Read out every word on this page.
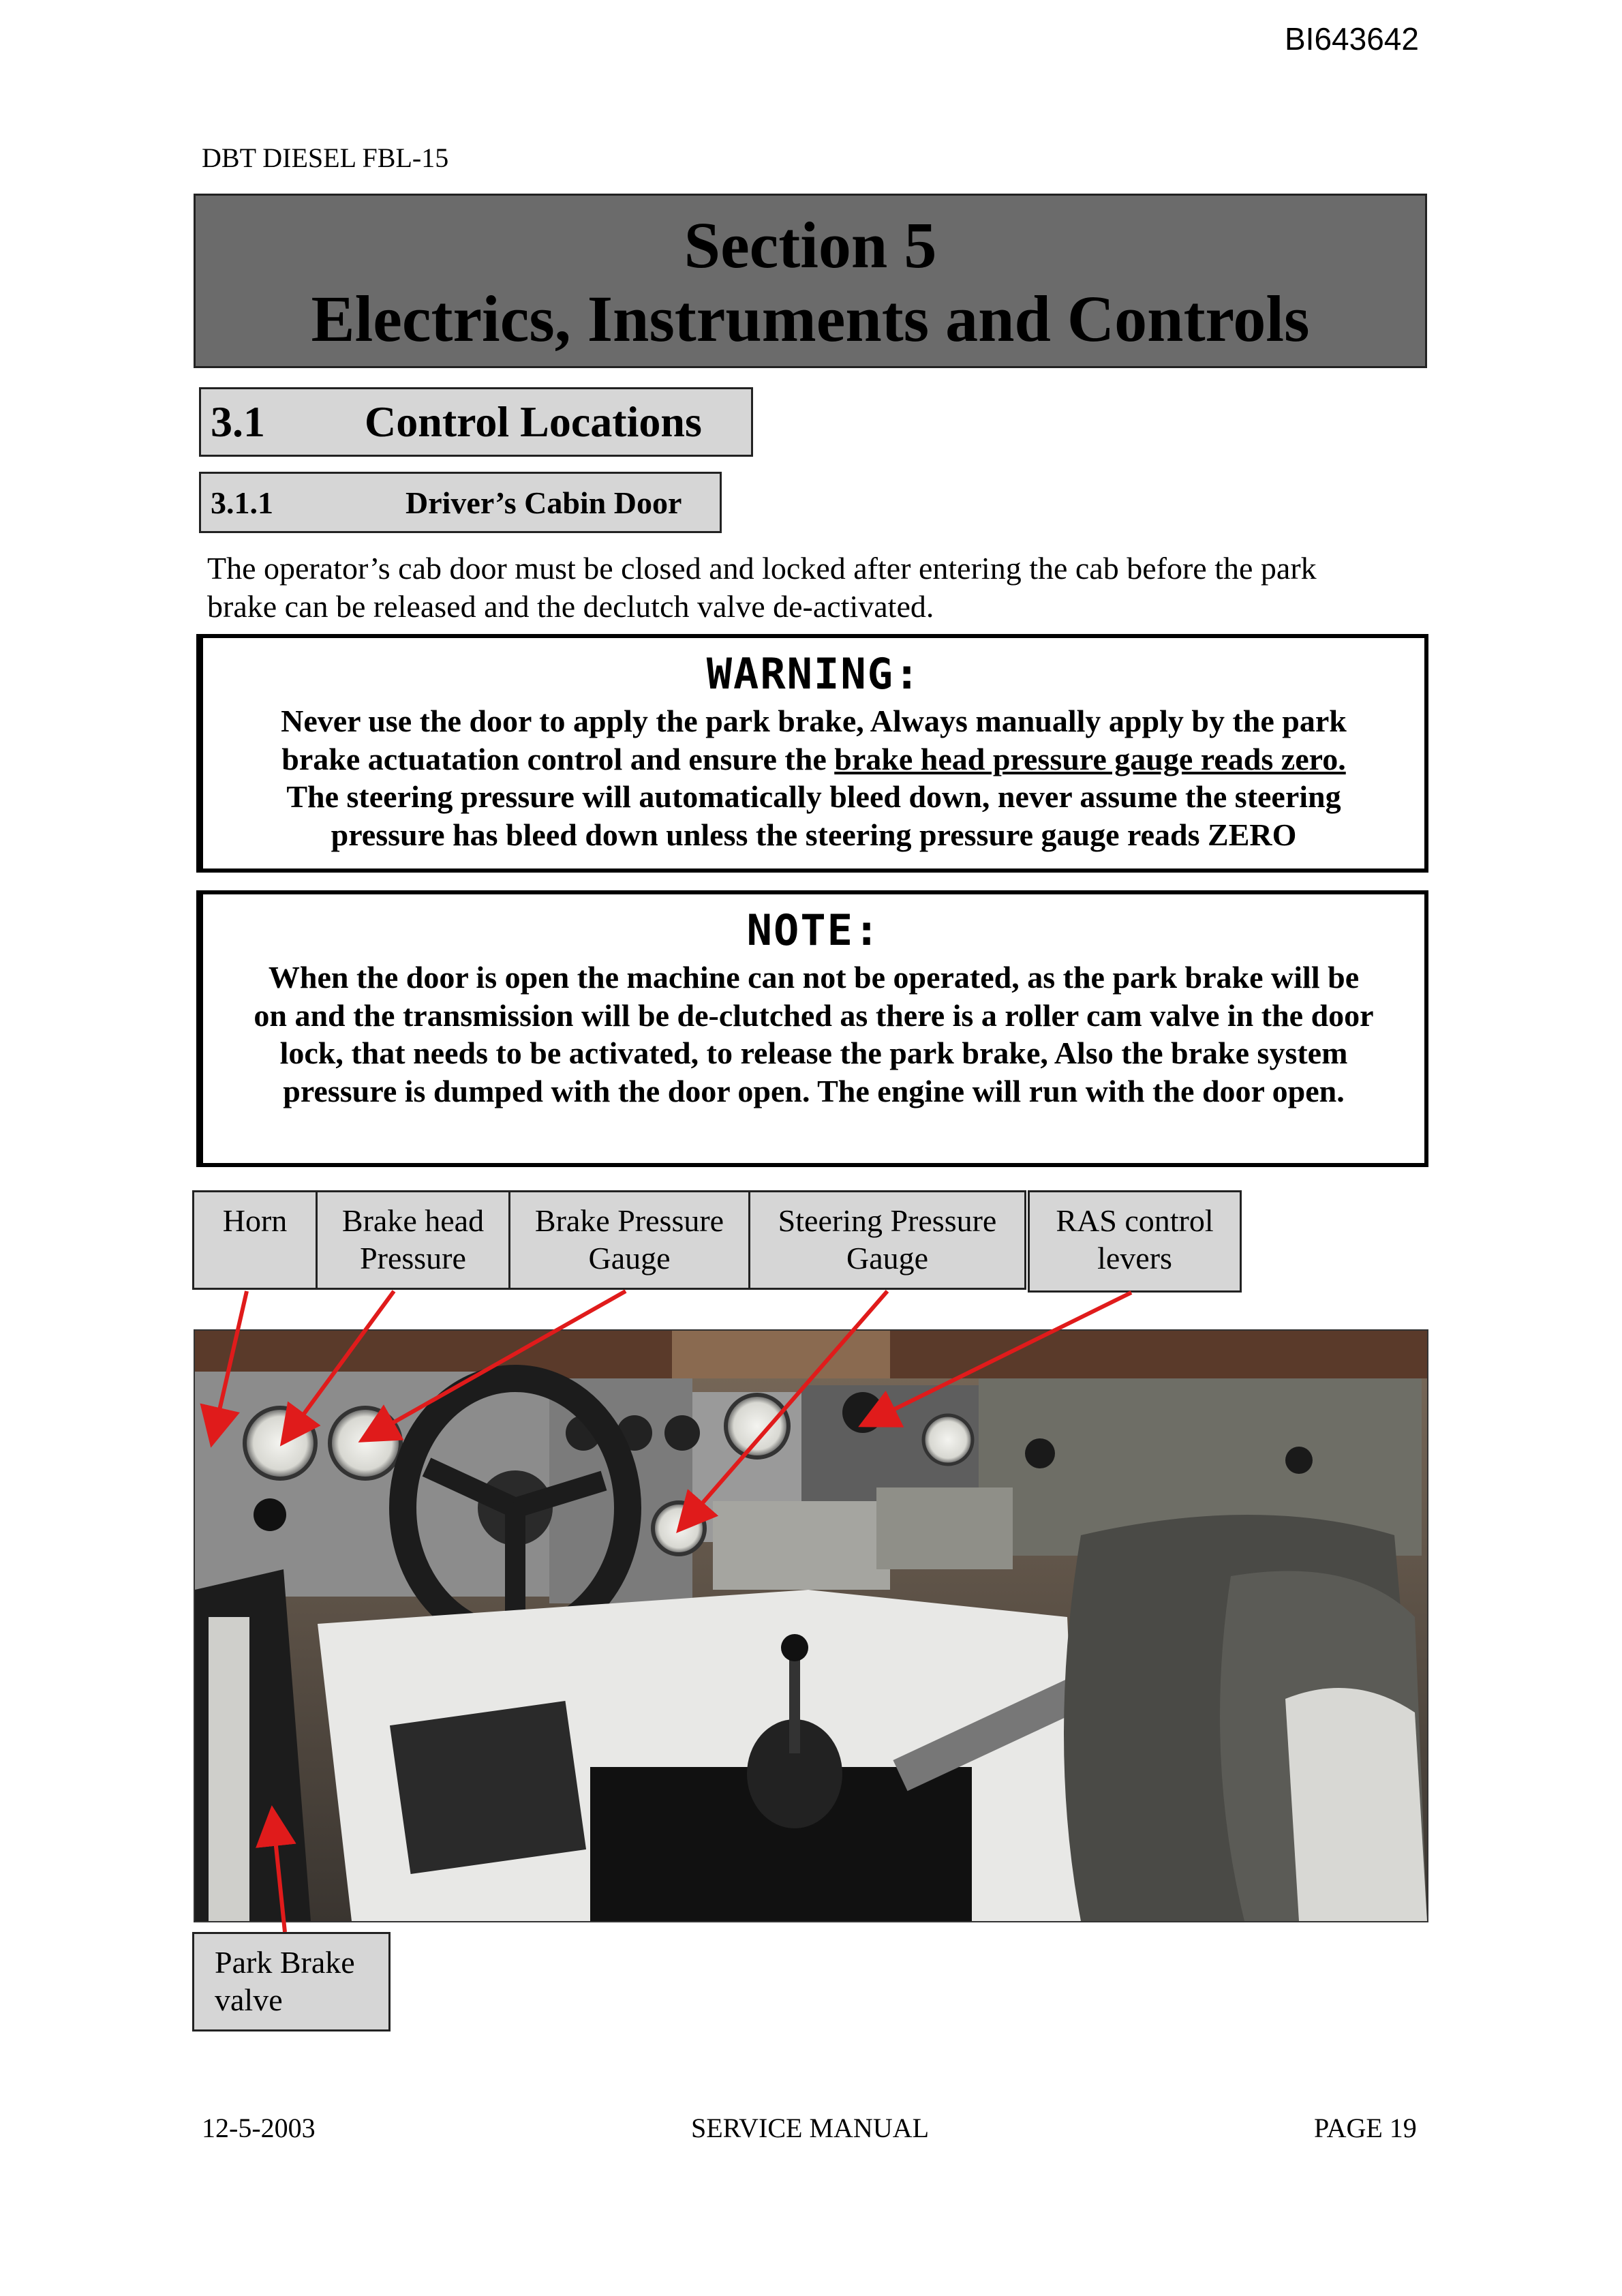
BI643642
DBT DIESEL FBL-15
Section 5
Electrics, Instruments and Controls
3.1 Control Locations
3.1.1	Driver’s Cabin Door
The operator’s cab door must be closed and locked after entering the cab before the park
brake can be released and the declutch valve de-activated.
WARNING:
Never use the door to apply the park brake, Always manually apply by the park
brake actuatation control and ensure the brake head pressure gauge reads zero.
The steering pressure will automatically bleed down, never assume the steering
pressure has bleed down unless the steering pressure gauge reads ZERO
NOTE:
When the door is open the machine can not be operated, as the park brake will be
on and the transmission will be de-clutched as there is a roller cam valve in the door
lock, that needs to be activated, to release the park brake, Also the brake system
pressure is dumped with the door open. The engine will run with the door open.
Horn	Brake head
Pressure
Brake Pressure
Gauge
Steering Pressure
Gauge
RAS control
levers
Park Brake
valve
12-5-2003	SERVICE MANUAL	PAGE 19
